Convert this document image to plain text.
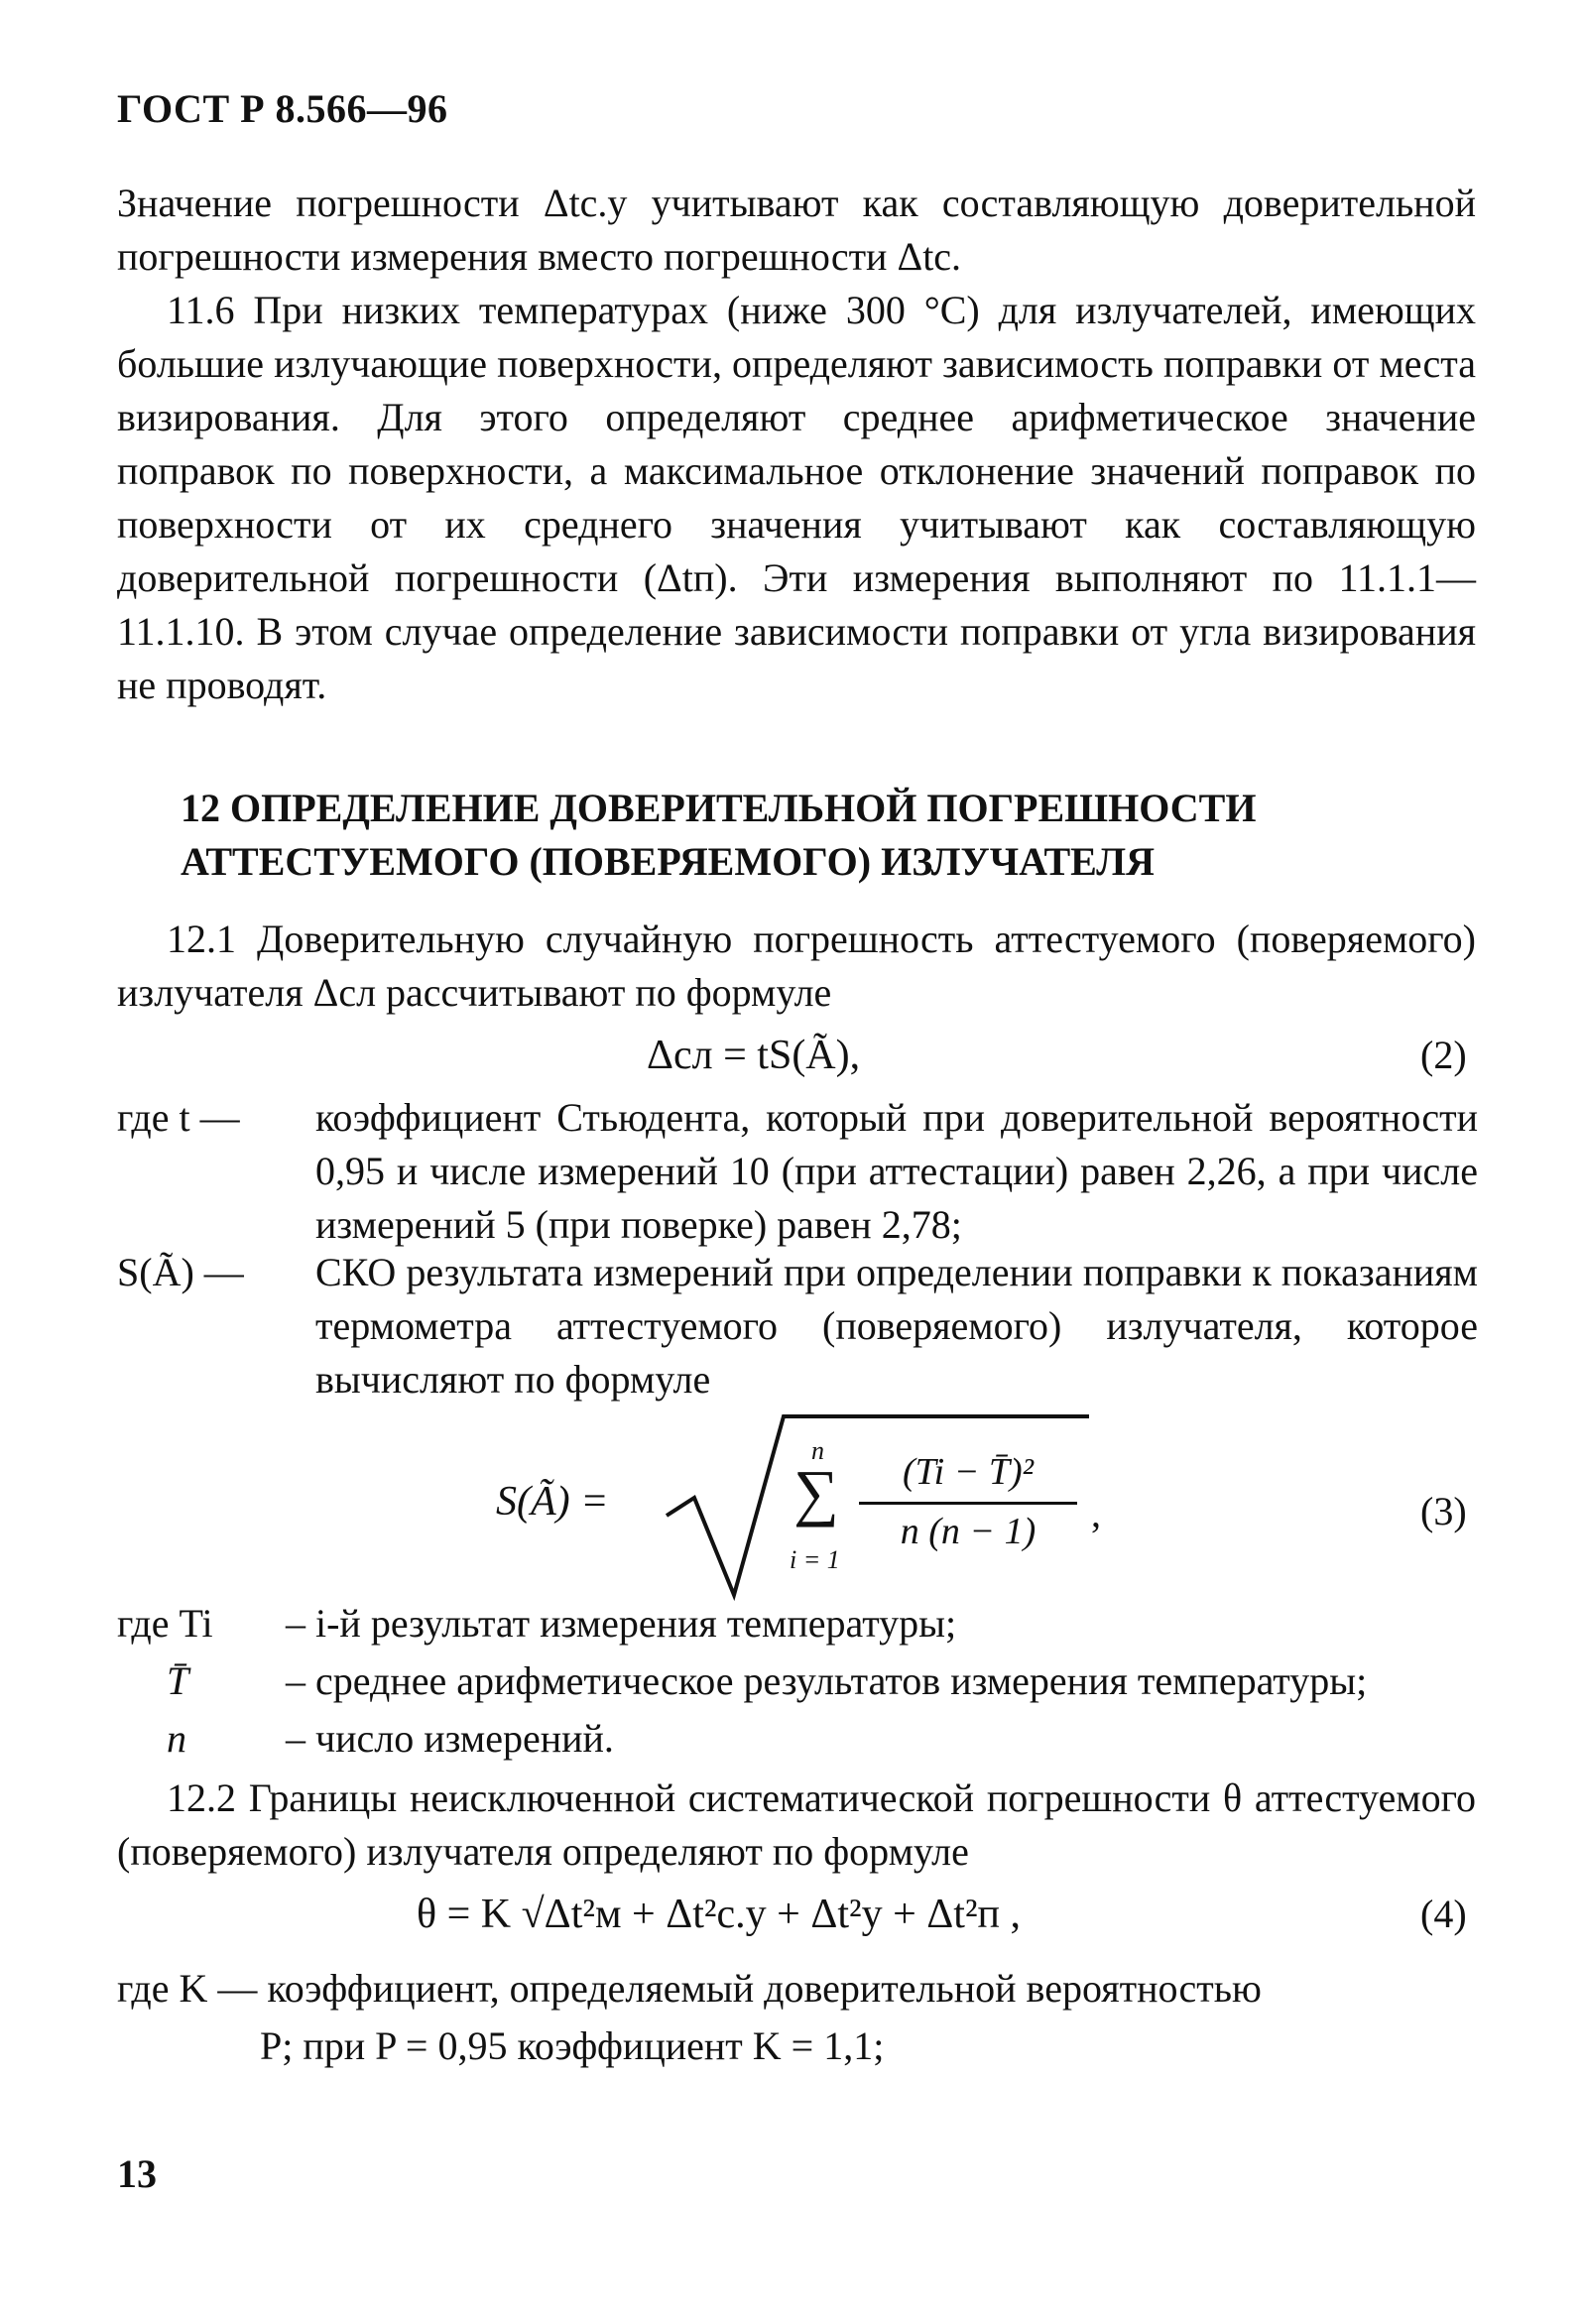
ГОСТ Р 8.566—96
Значение погрешности Δtс.у учитывают как составляющую доверительной погрешности измерения вместо погрешности Δtс.
11.6 При низких температурах (ниже 300 °С) для излучателей, имеющих большие излучающие поверхности, определяют зависимость поправки от места визирования. Для этого определяют среднее арифметическое значение поправок по поверхности, а максимальное отклонение значений поправок по поверхности от их среднего значения учитывают как составляющую доверительной погрешности (Δtп). Эти измерения выполняют по 11.1.1—11.1.10. В этом случае определение зависимости поправки от угла визирования не проводят.
12 ОПРЕДЕЛЕНИЕ ДОВЕРИТЕЛЬНОЙ ПОГРЕШНОСТИ
АТТЕСТУЕМОГО (ПОВЕРЯЕМОГО) ИЗЛУЧАТЕЛЯ
12.1 Доверительную случайную погрешность аттестуемого (поверяемого) излучателя Δсл рассчитывают по формуле
Δсл = tS(Ã),	(2)
где t —	коэффициент Стьюдента, который при доверительной вероятности 0,95 и числе измерений 10 (при аттестации) равен 2,26, а при числе измерений 5 (при поверке) равен 2,78;
S(Ã) —	СКО результата измерений при определении поправки к показаниям термометра аттестуемого (поверяемого) излучателя, которое вычисляют по формуле
S(Ã) =
n
∑
i = 1
(Ti − T̄)²
n (n − 1)	,	(3)
где Ti	– i-й результат измерения температуры;
T̄	– среднее арифметическое результатов измерения температуры;
n	– число измерений.
12.2 Границы неисключенной систематической погрешности θ аттестуемого (поверяемого) излучателя определяют по формуле
θ = K √Δt²м + Δt²с.у + Δt²у + Δt²п ,	(4)
где K — коэффициент, определяемый доверительной вероятностью
P; при P = 0,95 коэффициент K = 1,1;
13
